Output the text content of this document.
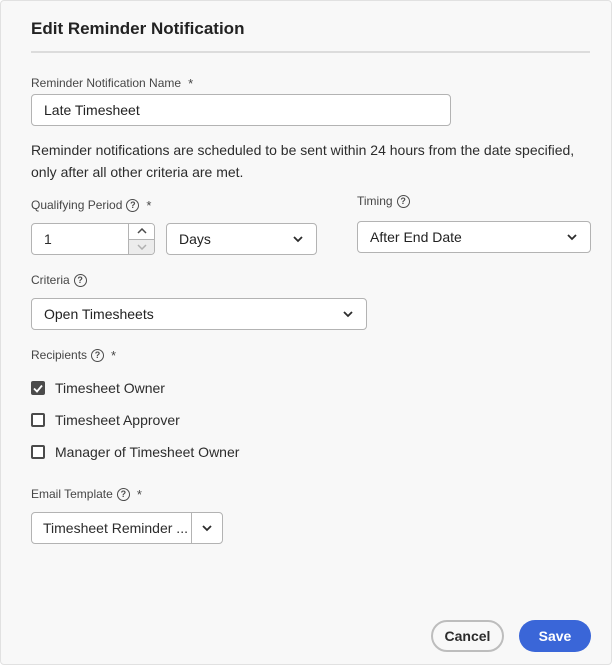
Edit Reminder Notification
Reminder Notification Name *
Late Timesheet
Reminder notifications are scheduled to be sent within 24 hours from the date specified, only after all other criteria are met.
Qualifying Period ? *
1	Days
Timing ?
After End Date
Criteria ?
Open Timesheets
Recipients ? *
Timesheet Owner
Timesheet Approver
Manager of Timesheet Owner
Email Template ? *
Timesheet Reminder ...
Cancel	Save
